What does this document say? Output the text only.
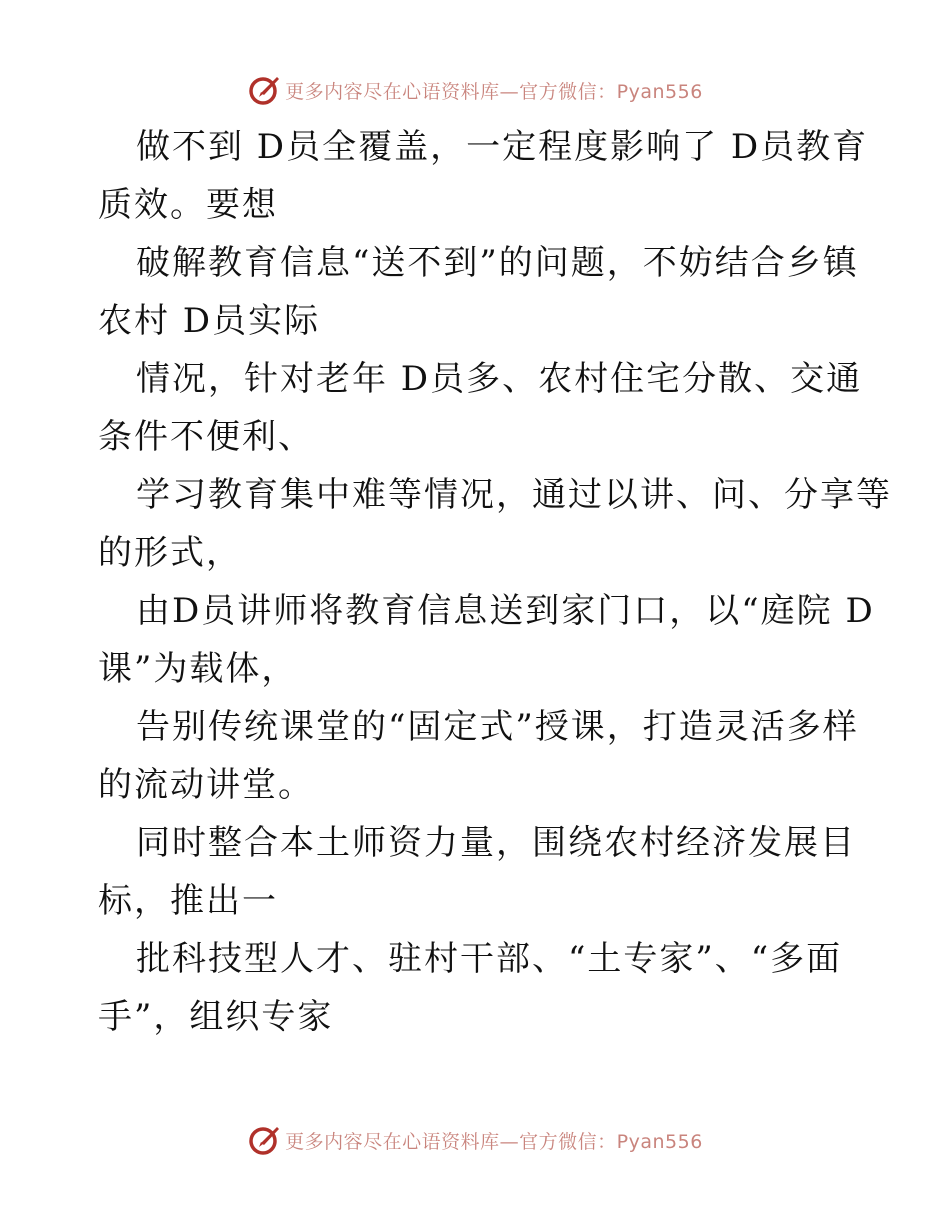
更多内容尽在心语资料库—官方微信：Pyan556

做不到 D员全覆盖，一定程度影响了 D员教育
质效。要想

破解教育信息“送不到”的问题，不妨结合乡镇
农村 D员实际

情况，针对老年 D员多、农村住宅分散、交通
条件不便利、

学习教育集中难等情况，通过以讲、问、分享等
的形式，

由D员讲师将教育信息送到家门口，以“庭院 D
课”为载体，

告别传统课堂的“固定式”授课，打造灵活多样
的流动讲堂。

同时整合本土师资力量，围绕农村经济发展目
标，推出一

批科技型人才、驻村干部、“土专家”、“多面
手”，组织专家

更多内容尽在心语资料库—官方微信：Pyan556
